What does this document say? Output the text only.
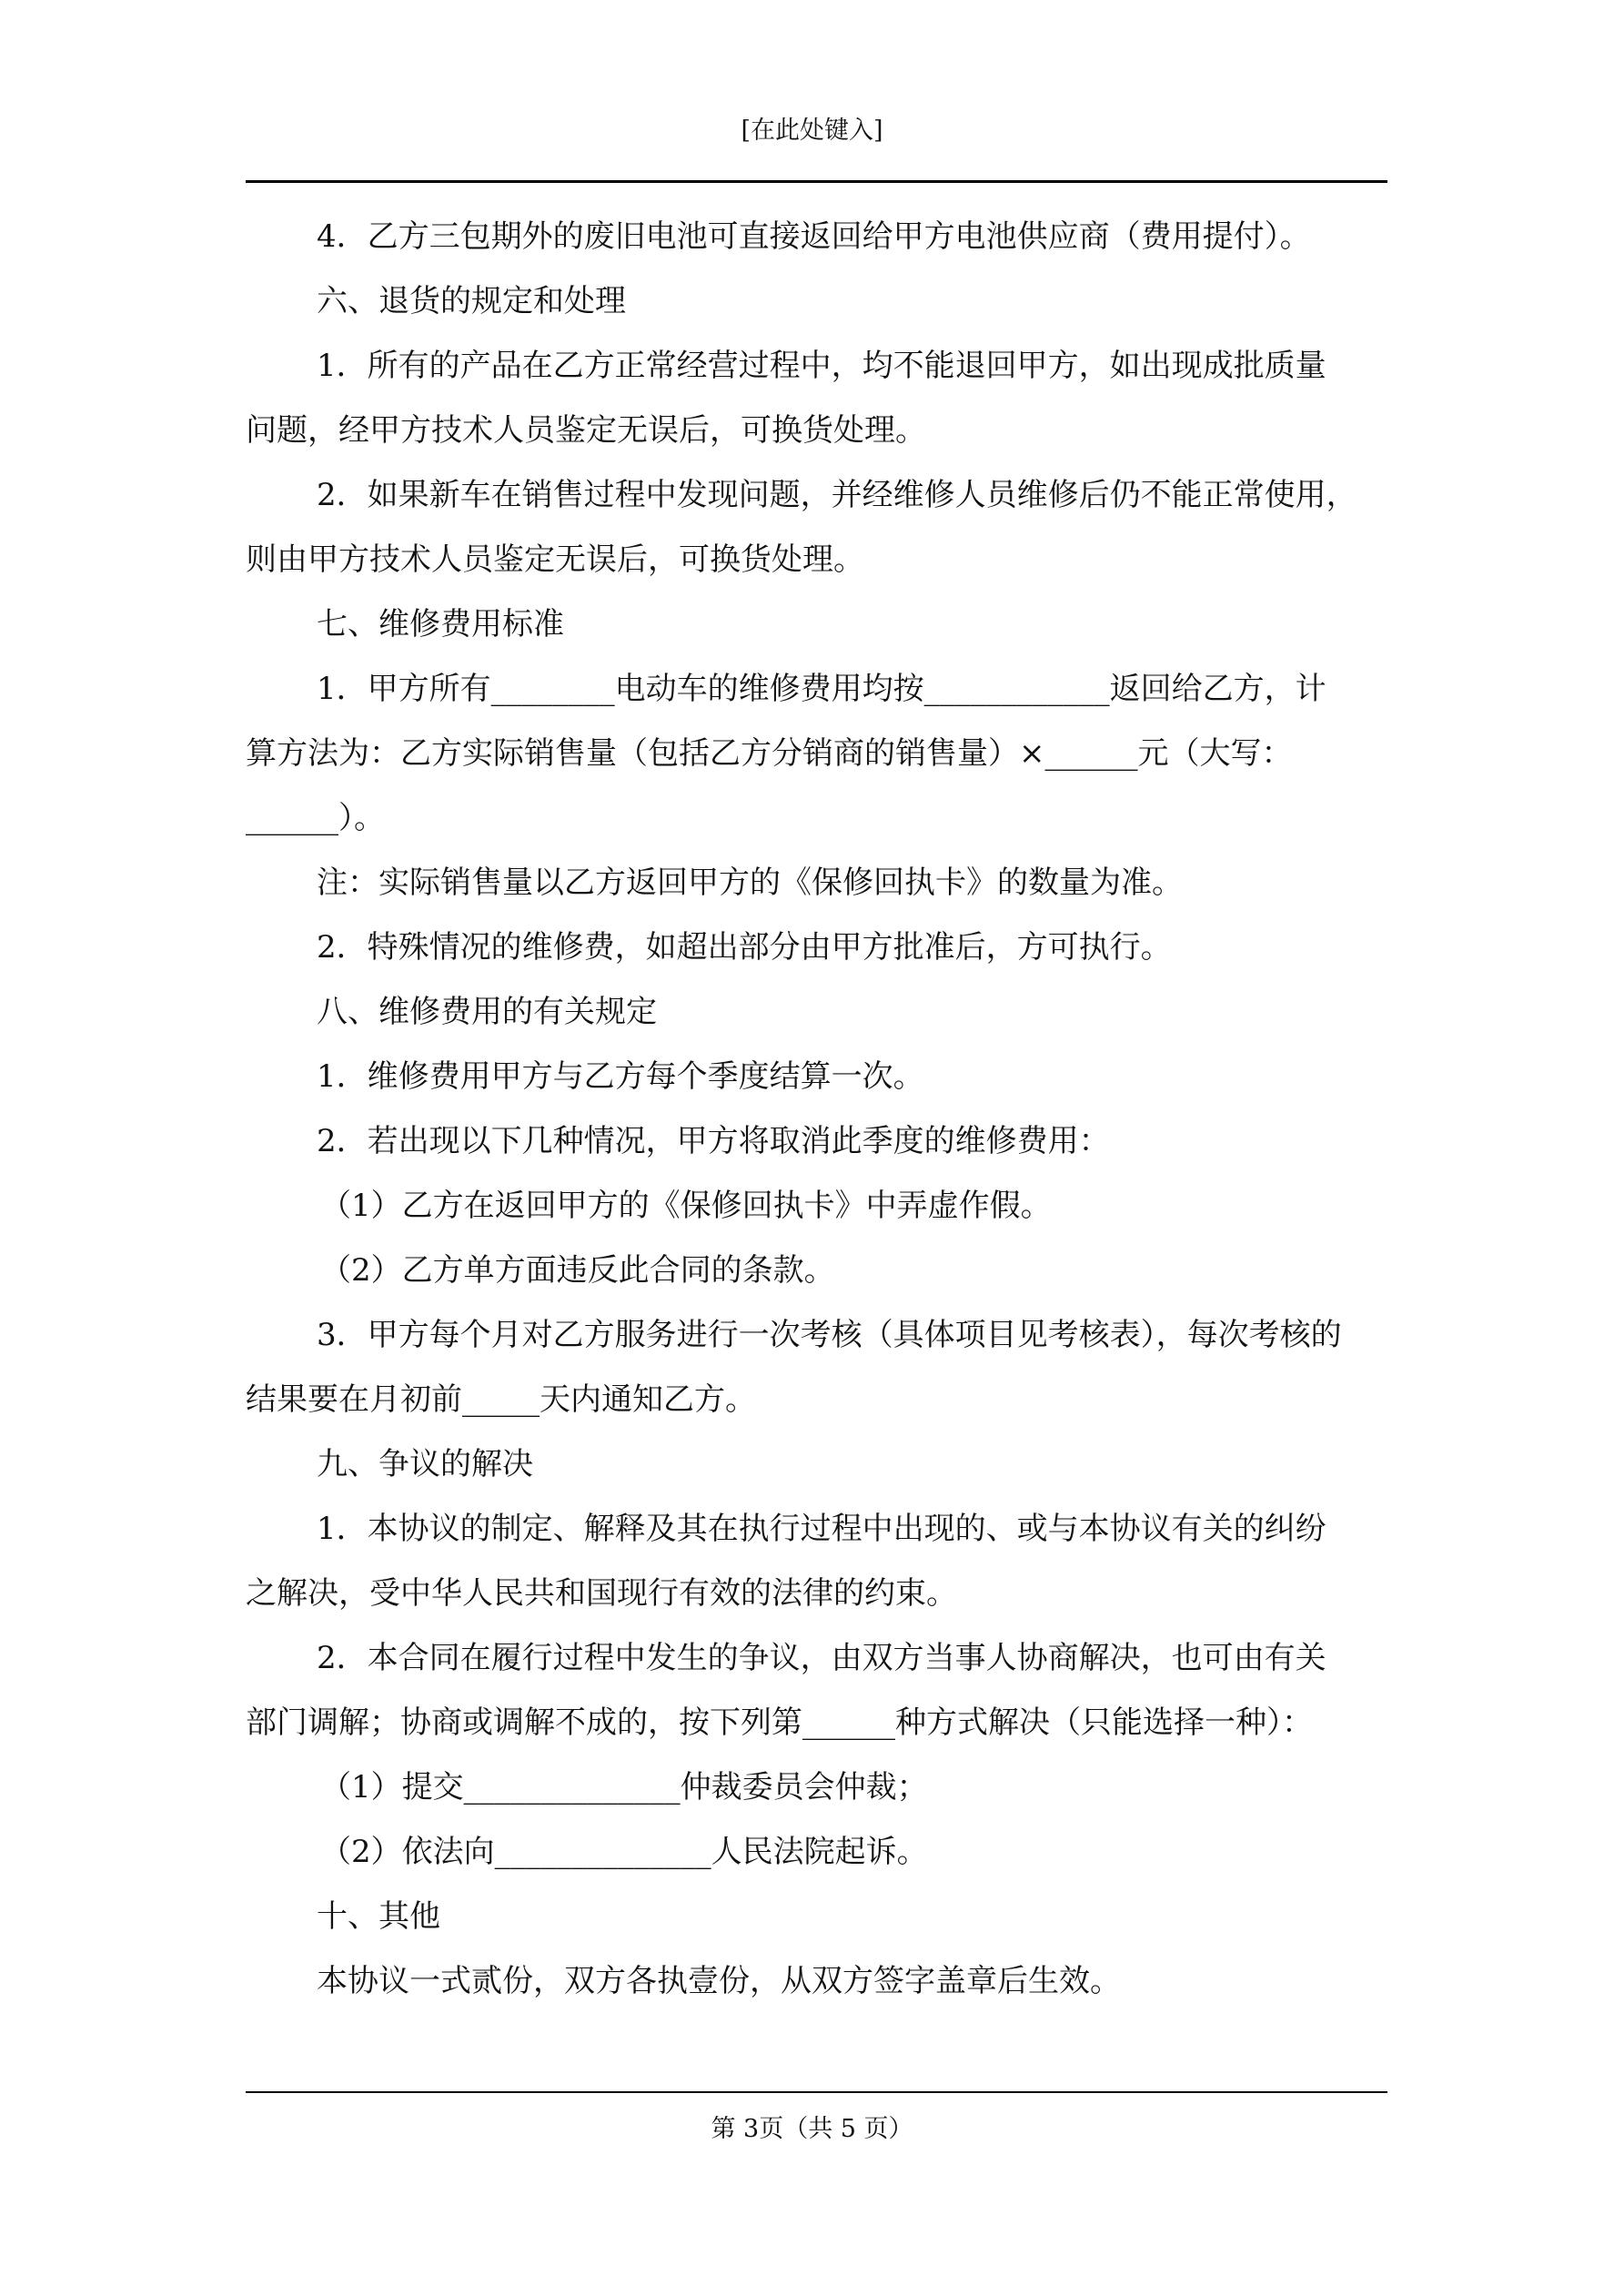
[在此处键入]
4．乙方三包期外的废旧电池可直接返回给甲方电池供应商（费用提付）。
六、退货的规定和处理
1．所有的产品在乙方正常经营过程中，均不能退回甲方，如出现成批质量
问题，经甲方技术人员鉴定无误后，可换货处理。
2．如果新车在销售过程中发现问题，并经维修人员维修后仍不能正常使用，
则由甲方技术人员鉴定无误后，可换货处理。
七、维修费用标准
1．甲方所有________电动车的维修费用均按____________返回给乙方，计
算方法为：乙方实际销售量（包括乙方分销商的销售量）×______元（大写：
______）。
注：实际销售量以乙方返回甲方的《保修回执卡》的数量为准。
2．特殊情况的维修费，如超出部分由甲方批准后，方可执行。
八、维修费用的有关规定
1．维修费用甲方与乙方每个季度结算一次。
2．若出现以下几种情况，甲方将取消此季度的维修费用：
（1）乙方在返回甲方的《保修回执卡》中弄虚作假。
（2）乙方单方面违反此合同的条款。
3．甲方每个月对乙方服务进行一次考核（具体项目见考核表），每次考核的
结果要在月初前_____天内通知乙方。
九、争议的解决
1．本协议的制定、解释及其在执行过程中出现的、或与本协议有关的纠纷
之解决，受中华人民共和国现行有效的法律的约束。
2．本合同在履行过程中发生的争议，由双方当事人协商解决，也可由有关
部门调解；协商或调解不成的，按下列第______种方式解决（只能选择一种）：
（1）提交______________仲裁委员会仲裁；
（2）依法向______________人民法院起诉。
十、其他
本协议一式贰份，双方各执壹份，从双方签字盖章后生效。
第 3页（共 5 页）
